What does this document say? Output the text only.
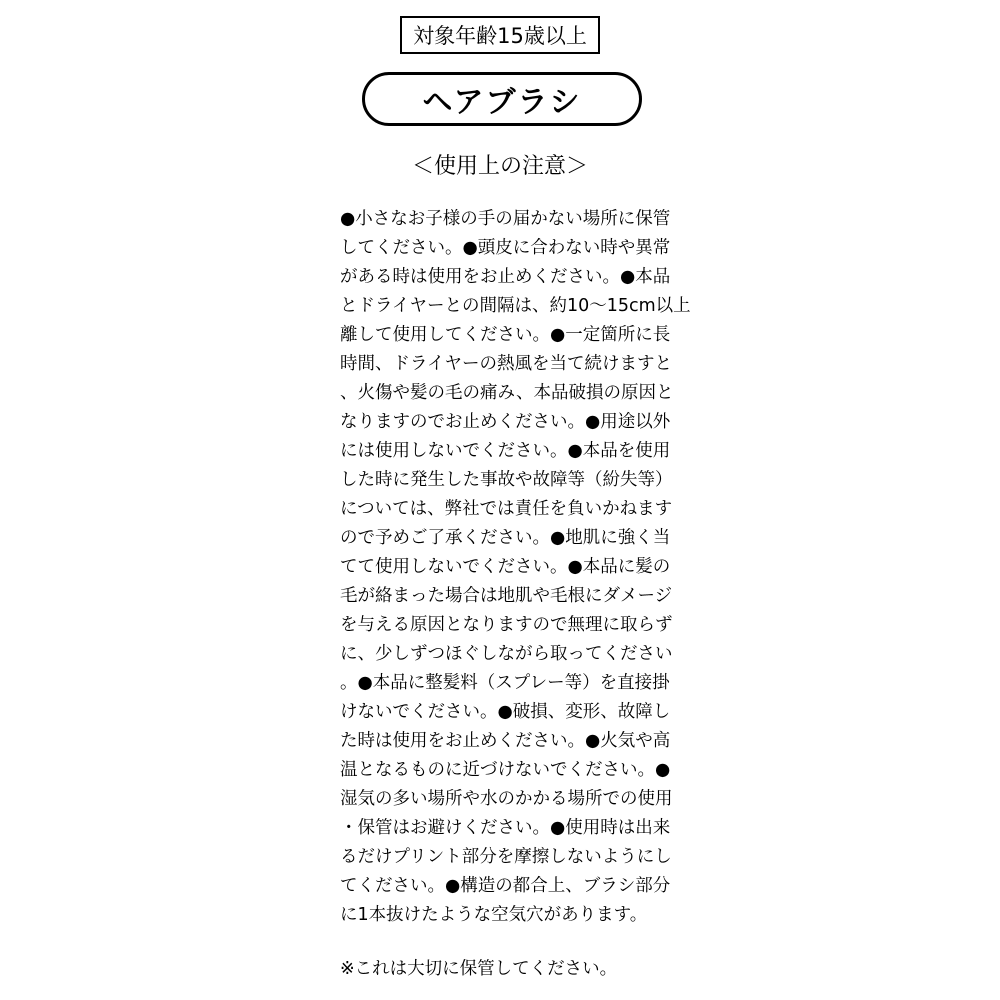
対象年齢15歳以上
ヘアブラシ
＜使用上の注意＞
●小さなお子様の手の届かない場所に保管
してください。●頭皮に合わない時や異常
がある時は使用をお止めください。●本品
とドライヤーとの間隔は、約10〜15cm以上
離して使用してください。●一定箇所に長
時間、ドライヤーの熱風を当て続けますと
、火傷や髪の毛の痛み、本品破損の原因と
なりますのでお止めください。●用途以外
には使用しないでください。●本品を使用
した時に発生した事故や故障等（紛失等）
については、弊社では責任を負いかねます
ので予めご了承ください。●地肌に強く当
てて使用しないでください。●本品に髪の
毛が絡まった場合は地肌や毛根にダメージ
を与える原因となりますので無理に取らず
に、少しずつほぐしながら取ってください
。●本品に整髪料（スプレー等）を直接掛
けないでください。●破損、変形、故障し
た時は使用をお止めください。●火気や高
温となるものに近づけないでください。●
湿気の多い場所や水のかかる場所での使用
・保管はお避けください。●使用時は出来
るだけプリント部分を摩擦しないようにし
てください。●構造の都合上、ブラシ部分
に1本抜けたような空気穴があります。
※これは大切に保管してください。
